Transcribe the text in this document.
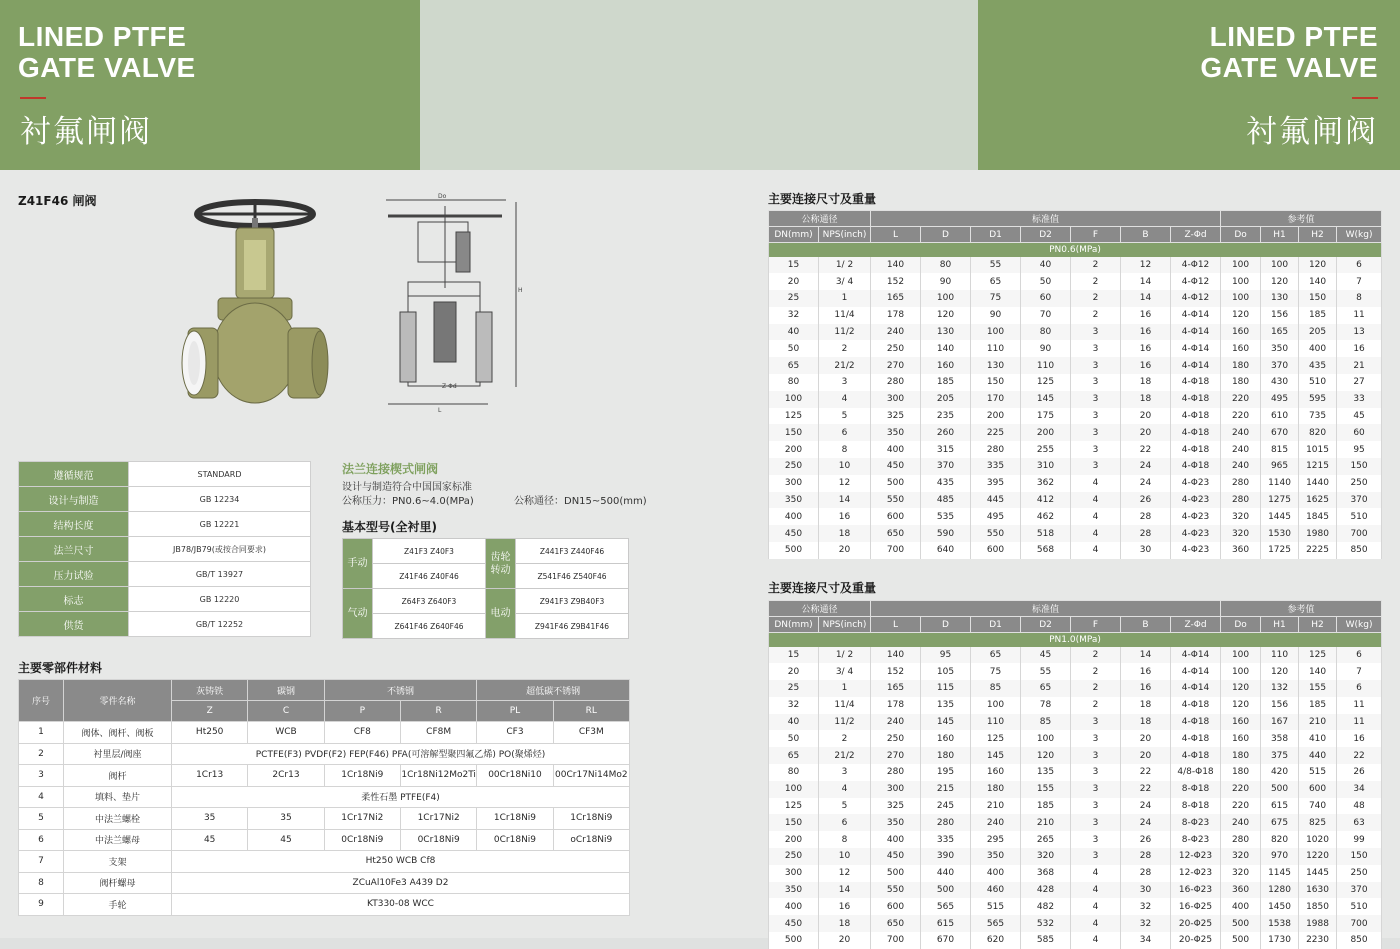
LINED PTFE
GATE VALVE
衬氟闸阀
LINED PTFE
GATE VALVE
衬氟闸阀
Z41F46 闸阀	Do
H
L
Z-Φd
遵循规范	STANDARD
设计与制造	GB 12234
结构长度	GB 12221
法兰尺寸	JB78/JB79(或按合同要求)
压力试验	GB/T 13927
标志	GB 12220
供货	GB/T 12252
法兰连接楔式闸阀
设计与制造符合中国国家标准
公称压力：PN0.6~4.0(MPa)	公称通径：DN15~500(mm)
基本型号(全衬里)
手动	Z41F3 Z40F3	齿轮转动	Z441F3 Z440F46
	Z41F46 Z40F46		Z541F46 Z540F46
气动	Z64F3 Z640F3	电动	Z941F3 Z9B40F3
	Z641F46 Z640F46		Z941F46 Z9B41F46
主要零部件材料
序号	零件名称	灰铸铁	碳钢	不锈钢		超低碳不锈钢	
		Z	C	P	R	PL	RL
1	阀体、阀杆、阀板	Ht250	WCB	CF8	CF8M	CF3	CF3M
2	衬里层/阀座	PCTFE(F3) PVDF(F2) FEP(F46) PFA(可溶解型聚四氟乙烯) PO(聚烯烃)					
3	阀杆	1Cr13	2Cr13	1Cr18Ni9	1Cr18Ni12Mo2Ti	00Cr18Ni10	00Cr17Ni14Mo2
4	填料、垫片	柔性石墨 PTFE(F4)					
5	中法兰螺栓	35	35	1Cr17Ni2	1Cr17Ni2	1Cr18Ni9	1Cr18Ni9
6	中法兰螺母	45	45	0Cr18Ni9	0Cr18Ni9	0Cr18Ni9	oCr18Ni9
7	支架	Ht250 WCB Cf8					
8	阀杆螺母	ZCuAl10Fe3 A439 D2					
9	手轮	KT330-08 WCC					
主要连接尺寸及重量
公称通径		标准值							参考值			
DN(mm)	NPS(inch)	L	D	D1	D2	F	B	Z-Φd	Do	H1	H2	W(kg)
PN0.6(MPa)												
15	1/ 2	140	80	55	40	2	12	4-Φ12	100	100	120	6
20	3/ 4	152	90	65	50	2	14	4-Φ12	100	120	140	7
25	1	165	100	75	60	2	14	4-Φ12	100	130	150	8
32	11/4	178	120	90	70	2	16	4-Φ14	120	156	185	11
40	11/2	240	130	100	80	3	16	4-Φ14	160	165	205	13
50	2	250	140	110	90	3	16	4-Φ14	160	350	400	16
65	21/2	270	160	130	110	3	16	4-Φ14	180	370	435	21
80	3	280	185	150	125	3	18	4-Φ18	180	430	510	27
100	4	300	205	170	145	3	18	4-Φ18	220	495	595	33
125	5	325	235	200	175	3	20	4-Φ18	220	610	735	45
150	6	350	260	225	200	3	20	4-Φ18	240	670	820	60
200	8	400	315	280	255	3	22	4-Φ18	240	815	1015	95
250	10	450	370	335	310	3	24	4-Φ18	240	965	1215	150
300	12	500	435	395	362	4	24	4-Φ23	280	1140	1440	250
350	14	550	485	445	412	4	26	4-Φ23	280	1275	1625	370
400	16	600	535	495	462	4	28	4-Φ23	320	1445	1845	510
450	18	650	590	550	518	4	28	4-Φ23	320	1530	1980	700
500	20	700	640	600	568	4	30	4-Φ23	360	1725	2225	850
主要连接尺寸及重量
公称通径		标准值							参考值			
DN(mm)	NPS(inch)	L	D	D1	D2	F	B	Z-Φd	Do	H1	H2	W(kg)
PN1.0(MPa)												
15	1/ 2	140	95	65	45	2	14	4-Φ14	100	110	125	6
20	3/ 4	152	105	75	55	2	16	4-Φ14	100	120	140	7
25	1	165	115	85	65	2	16	4-Φ14	120	132	155	6
32	11/4	178	135	100	78	2	18	4-Φ18	120	156	185	11
40	11/2	240	145	110	85	3	18	4-Φ18	160	167	210	11
50	2	250	160	125	100	3	20	4-Φ18	160	358	410	16
65	21/2	270	180	145	120	3	20	4-Φ18	180	375	440	22
80	3	280	195	160	135	3	22	4/8-Φ18	180	420	515	26
100	4	300	215	180	155	3	22	8-Φ18	220	500	600	34
125	5	325	245	210	185	3	24	8-Φ18	220	615	740	48
150	6	350	280	240	210	3	24	8-Φ23	240	675	825	63
200	8	400	335	295	265	3	26	8-Φ23	280	820	1020	99
250	10	450	390	350	320	3	28	12-Φ23	320	970	1220	150
300	12	500	440	400	368	4	28	12-Φ23	320	1145	1445	250
350	14	550	500	460	428	4	30	16-Φ23	360	1280	1630	370
400	16	600	565	515	482	4	32	16-Φ25	400	1450	1850	510
450	18	650	615	565	532	4	32	20-Φ25	500	1538	1988	700
500	20	700	670	620	585	4	34	20-Φ25	500	1730	2230	850
